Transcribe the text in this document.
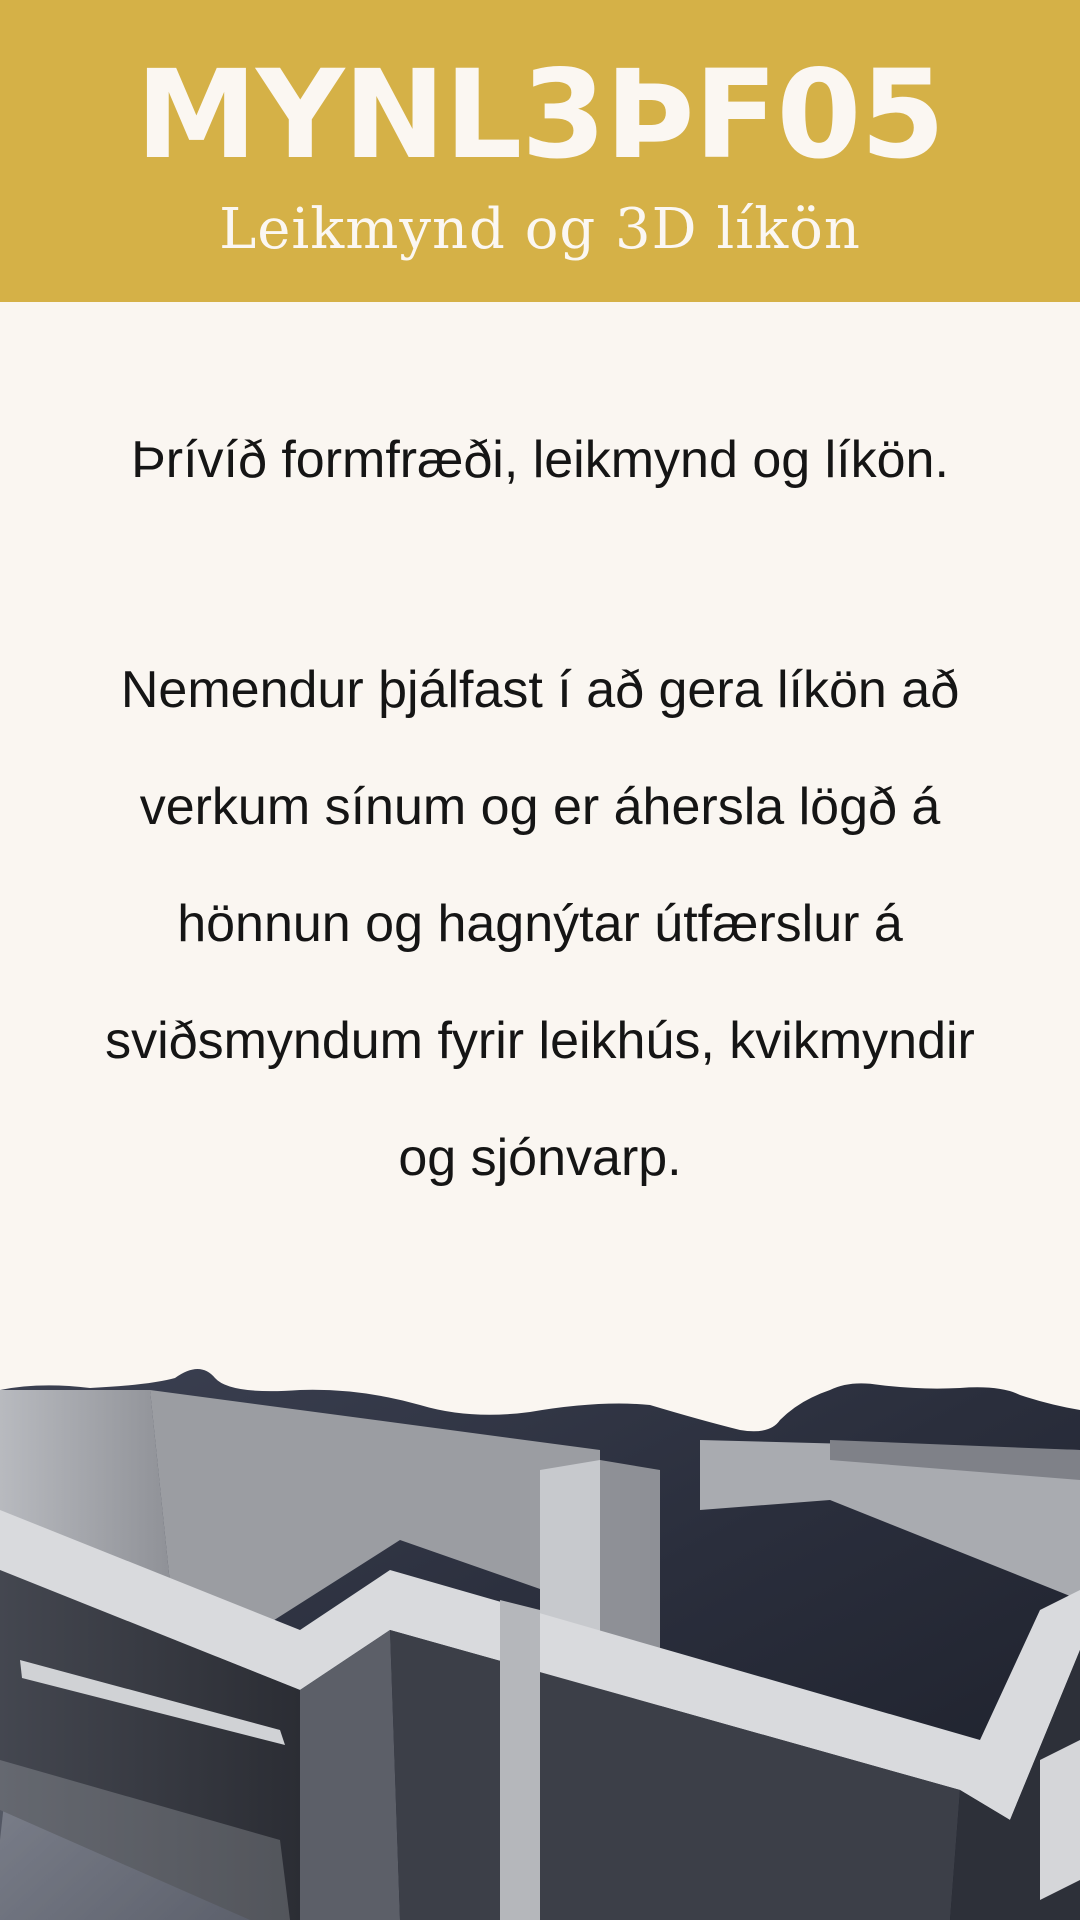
MYNL3ÞF05
Leikmynd og 3D líkön
Þrívíð formfræði, leikmynd og líkön.
Nemendur þjálfast í að gera líkön að verkum sínum og er áhersla lögð á hönnun og hagnýtar útfærslur á sviðsmyndum fyrir leikhús, kvikmyndir og sjónvarp.
